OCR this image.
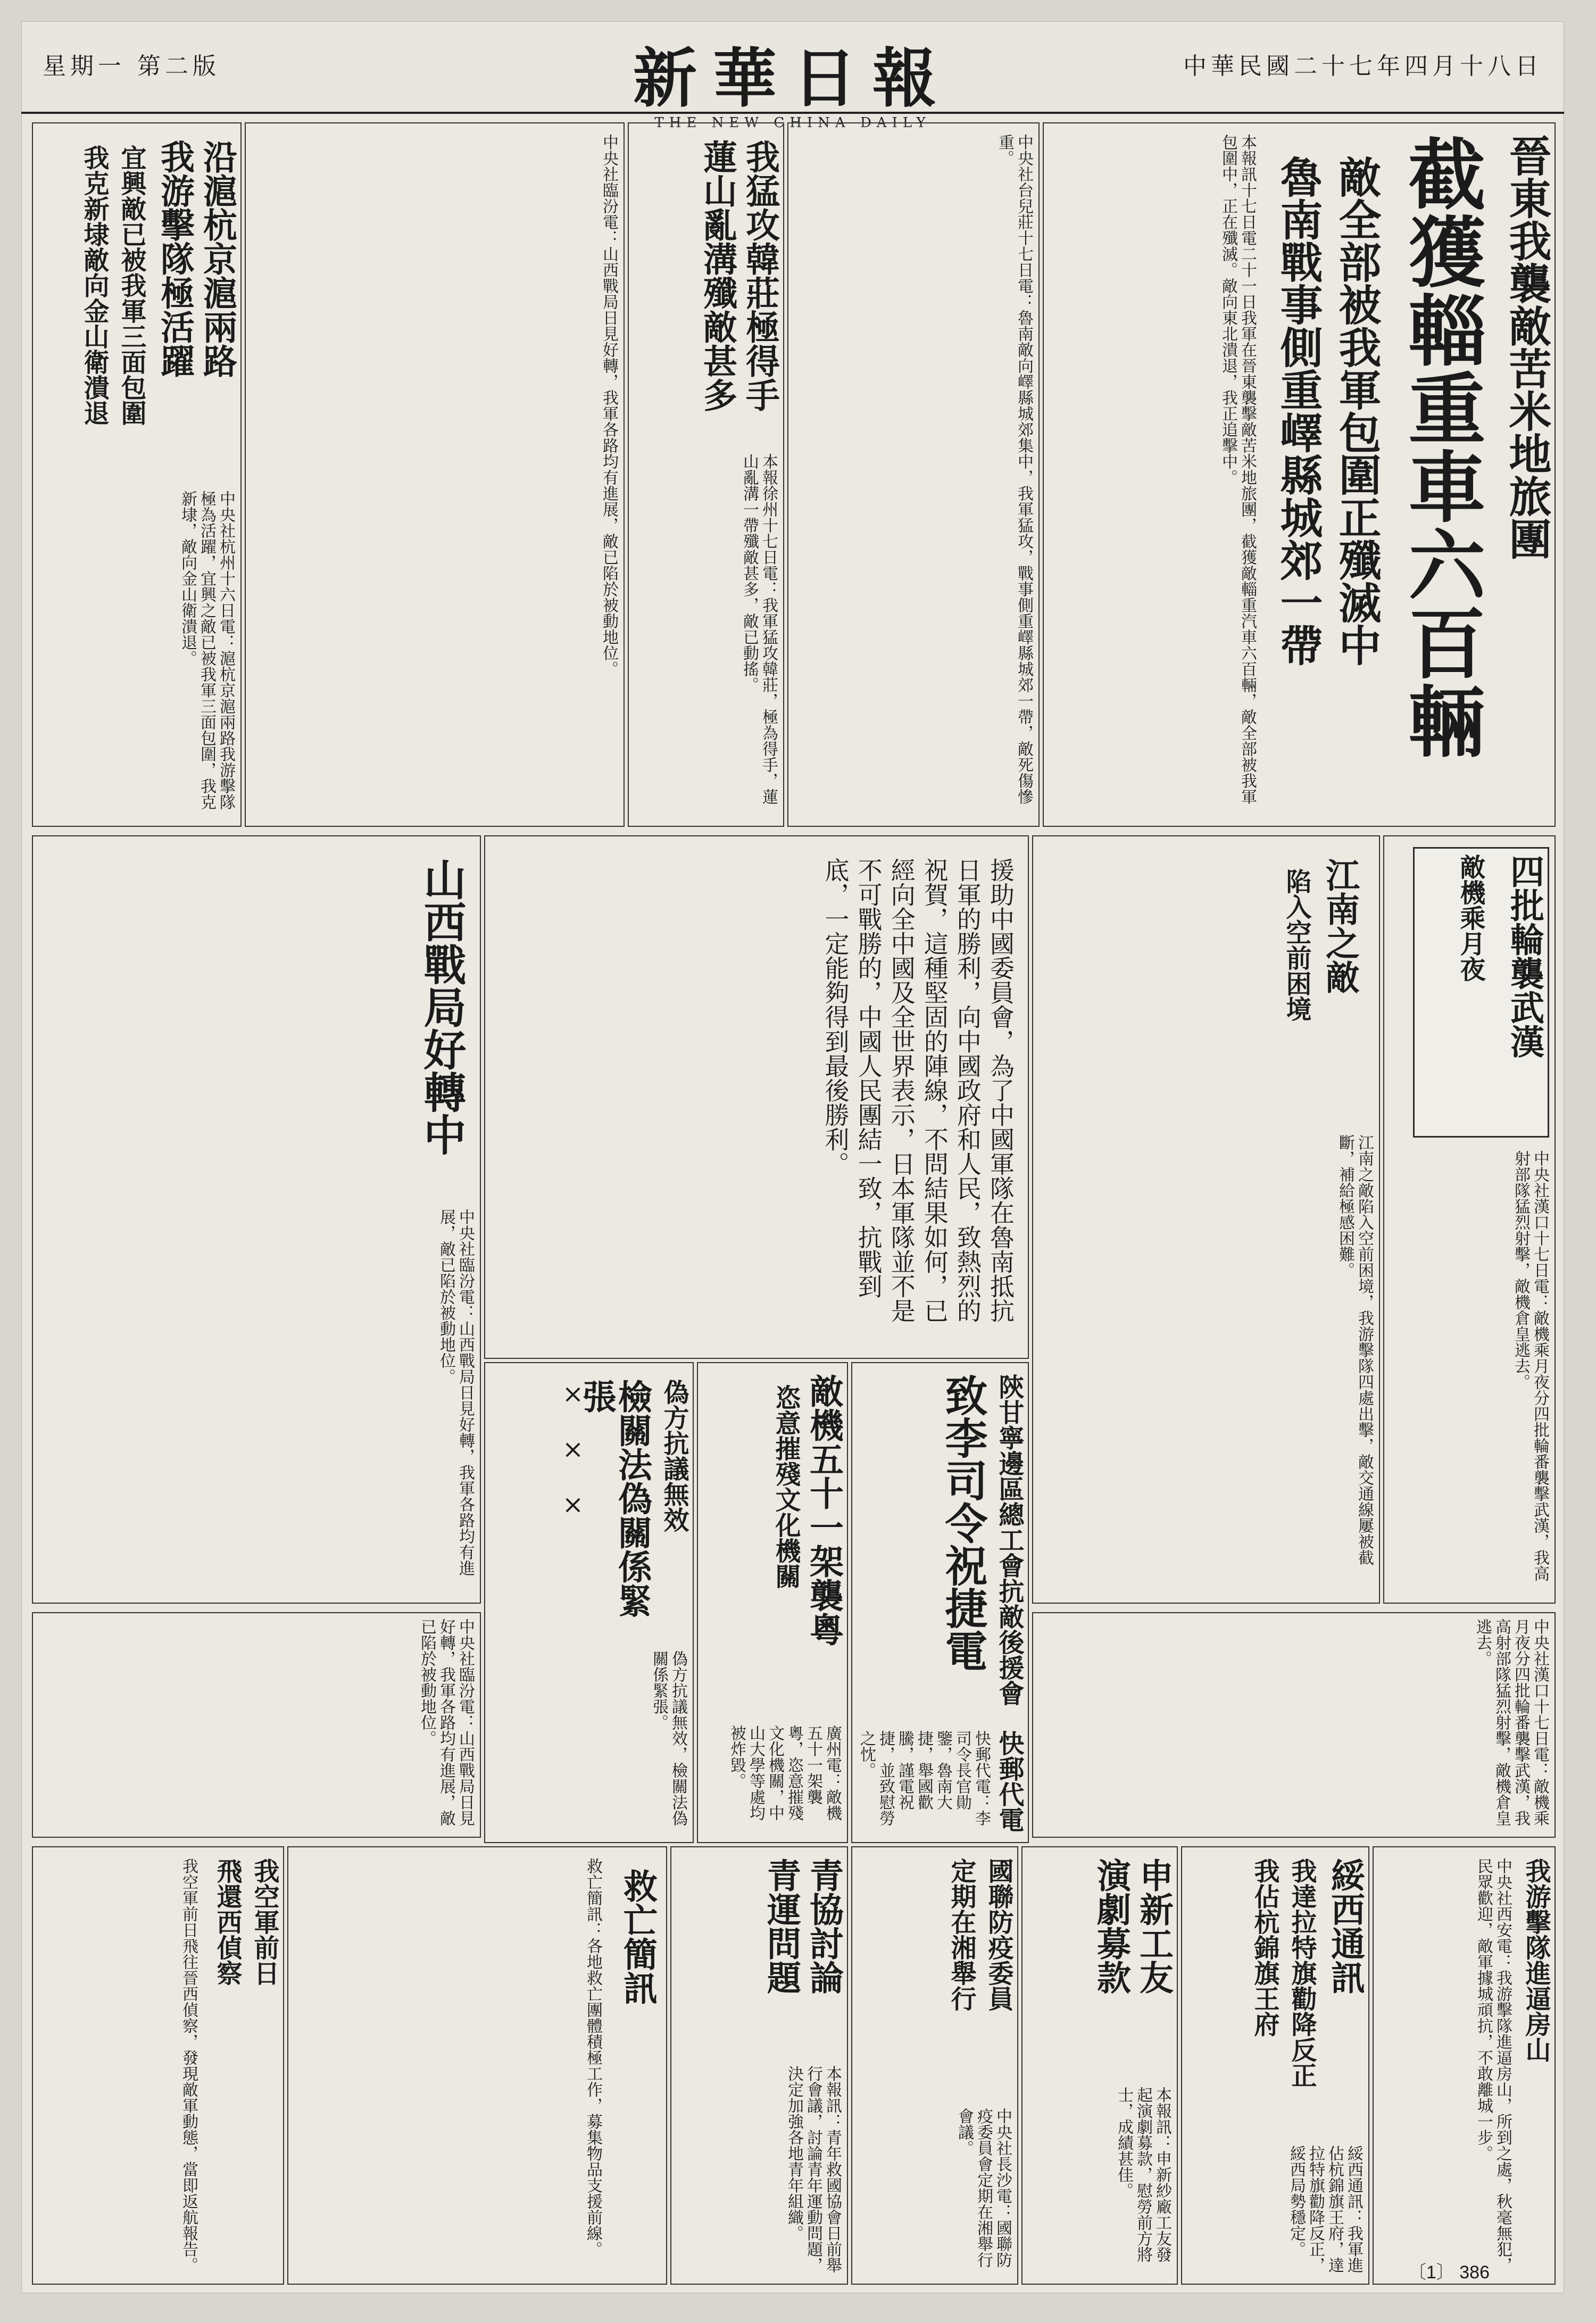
星期一 第二版	新華日報
THE NEW CHINA DAILY
中華民國二十七年四月十八日
晉東我襲敵苦米地旅團
截獲輜重車六百輛
敵全部被我軍包圍正殲滅中
魯南戰事側重嶧縣城郊一帶
本報訊十七日電二十一日我軍在晉東襲擊敵苦米地旅團，截獲敵輜重汽車六百輛，敵全部被我軍包圍中，正在殲滅。敵向東北潰退，我正追擊中。
中央社台兒莊十七日電：魯南敵向嶧縣城郊集中，我軍猛攻，戰事側重嶧縣城郊一帶，敵死傷慘重。
我猛攻韓莊極得手
蓮山亂溝殲敵甚多
本報徐州十七日電：我軍猛攻韓莊，極為得手，蓮山亂溝一帶殲敵甚多，敵已動搖。
中央社臨汾電：山西戰局日見好轉，我軍各路均有進展，敵已陷於被動地位。
沿滬杭京滬兩路
我游擊隊極活躍
宜興敵已被我軍三面包圍
我克新埭敵向金山衛潰退
中央社杭州十六日電：滬杭京滬兩路我游擊隊極為活躍，宜興之敵已被我軍三面包圍，我克新埭，敵向金山衛潰退。
敵機乘月夜 四批輪襲武漢
中央社漢口十七日電：敵機乘月夜分四批輪番襲擊武漢，我高射部隊猛烈射擊，敵機倉皇逃去。
江南之敵
陷入空前困境
江南之敵陷入空前困境，我游擊隊四處出擊，敵交通線屢被截斷，補給極感困難。
援助中國委員會，為了中國軍隊在魯南抵抗日軍的勝利，向中國政府和人民，致熱烈的祝賀，這種堅固的陣線，不問結果如何，已經向全中國及全世界表示，日本軍隊並不是不可戰勝的，中國人民團結一致，抗戰到底，一定能夠得到最後勝利。
山西戰局好轉中
中央社臨汾電：山西戰局日見好轉，我軍各路均有進展，敵已陷於被動地位。
中央社漢口十七日電：敵機乘月夜分四批輪番襲擊武漢，我高射部隊猛烈射擊，敵機倉皇逃去。
陝甘寧邊區總工會抗敵後援會
致李司令祝捷電
快郵代電
快郵代電：李司令長官勛鑒，魯南大捷，舉國歡騰，謹電祝捷，並致慰勞之忱。
敵機五十一架襲粵
恣意摧殘文化機關
廣州電：敵機五十一架襲粵，恣意摧殘文化機關，中山大學等處均被炸毀。
偽方抗議無效
檢關法偽關係緊張
×　×　×
偽方抗議無效，檢關法偽關係緊張。
中央社臨汾電：山西戰局日見好轉，我軍各路均有進展，敵已陷於被動地位。
我游擊隊進逼房山
中央社西安電：我游擊隊進逼房山，所到之處，秋毫無犯，民眾歡迎，敵軍據城頑抗，不敢離城一步。
綏西通訊
我達拉特旗勸降反正
我佔杭錦旗王府
綏西通訊：我軍進佔杭錦旗王府，達拉特旗勸降反正，綏西局勢穩定。
申新工友
演劇募款
本報訊：申新紗廠工友發起演劇募款，慰勞前方將士，成績甚佳。
國聯防疫委員
定期在湘舉行
中央社長沙電：國聯防疫委員會定期在湘舉行會議。
青協討論
青運問題
本報訊：青年救國協會日前舉行會議，討論青年運動問題，決定加強各地青年組織。
救亡簡訊
救亡簡訊：各地救亡團體積極工作，募集物品支援前線。
我空軍前日
飛還西偵察
我空軍前日飛往晉西偵察，發現敵軍動態，當即返航報告。	〔1〕 386
